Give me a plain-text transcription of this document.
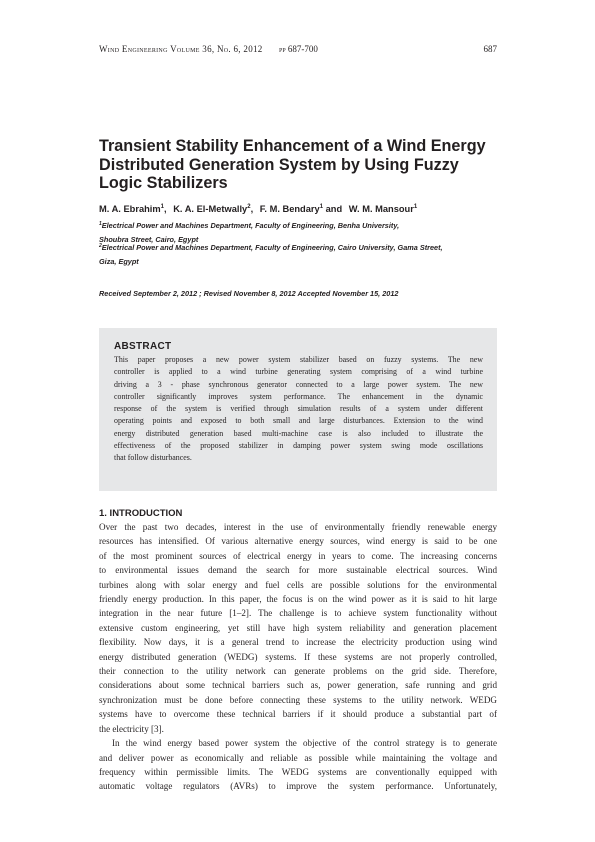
Wind Engineering Volume 36, No. 6, 2012 pp 687-700	687
Transient Stability Enhancement of a Wind Energy
Distributed Generation System by Using Fuzzy
Logic Stabilizers
M. A. Ebrahim$^1$, K. A. El-Metwally$^2$, F. M. Bendary$^1$ and W. M. Mansour$^1$
$^1$Electrical Power and Machines Department, Faculty of Engineering, Benha University,
Shoubra Street, Cairo, Egypt
$^2$Electrical Power and Machines Department, Faculty of Engineering, Cairo University, Gama Street,
Giza, Egypt
Received September 2, 2012 ; Revised November 8, 2012 Accepted November 15, 2012
ABSTRACT
This paper proposes a new power system stabilizer based on fuzzy systems. The new
controller is applied to a wind turbine generating system comprising of a wind turbine
driving a 3 - phase synchronous generator connected to a large power system. The new
controller significantly improves system performance. The enhancement in the dynamic
response of the system is verified through simulation results of a system under different
operating points and exposed to both small and large disturbances. Extension to the wind
energy distributed generation based multi-machine case is also included to illustrate the
effectiveness of the proposed stabilizer in damping power system swing mode oscillations
that follow disturbances.
1. INTRODUCTION
Over the past two decades, interest in the use of environmentally friendly renewable energy
resources has intensified. Of various alternative energy sources, wind energy is said to be one
of the most prominent sources of electrical energy in years to come. The increasing concerns
to environmental issues demand the search for more sustainable electrical sources. Wind
turbines along with solar energy and fuel cells are possible solutions for the environmental
friendly energy production. In this paper, the focus is on the wind power as it is said to hit large
integration in the near future [1–2]. The challenge is to achieve system functionality without
extensive custom engineering, yet still have high system reliability and generation placement
flexibility. Now days, it is a general trend to increase the electricity production using wind
energy distributed generation (WEDG) systems. If these systems are not properly controlled,
their connection to the utility network can generate problems on the grid side. Therefore,
considerations about some technical barriers such as, power generation, safe running and grid
synchronization must be done before connecting these systems to the utility network. WEDG
systems have to overcome these technical barriers if it should produce a substantial part of
the electricity [3].
In the wind energy based power system the objective of the control strategy is to generate
and deliver power as economically and reliable as possible while maintaining the voltage and
frequency within permissible limits. The WEDG systems are conventionally equipped with
automatic voltage regulators (AVRs) to improve the system performance. Unfortunately,
